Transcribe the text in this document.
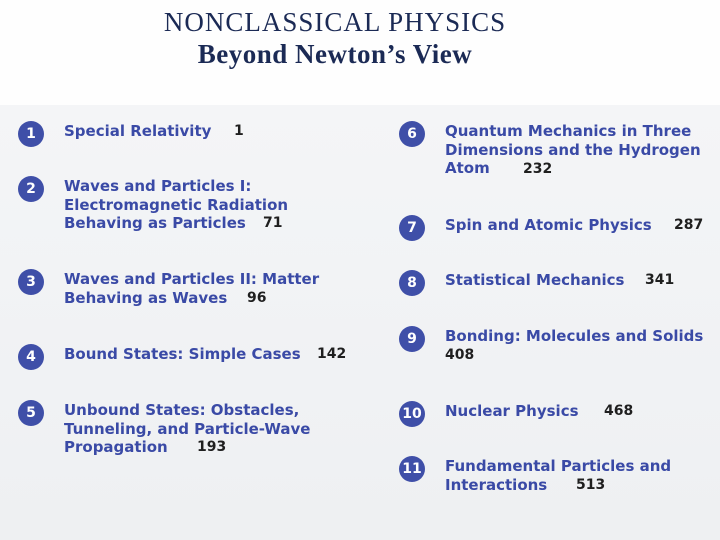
NONCLASSICAL PHYSICS
Beyond Newton’s View
1	Special Relativity 1
2	Waves and Particles I:
Electromagnetic Radiation
Behaving as Particles	71
3	Waves and Particles II: Matter
Behaving as Waves	96
4	Bound States: Simple Cases 142
5	Unbound States: Obstacles,
Tunneling, and Particle-Wave
Propagation	193
6	Quantum Mechanics in Three
Dimensions and the Hydrogen
Atom	232
7	Spin and Atomic Physics 287
8	Statistical Mechanics 341
9	Bonding: Molecules and Solids
408
10 Nuclear Physics 468
11 Fundamental Particles and
Interactions	513
